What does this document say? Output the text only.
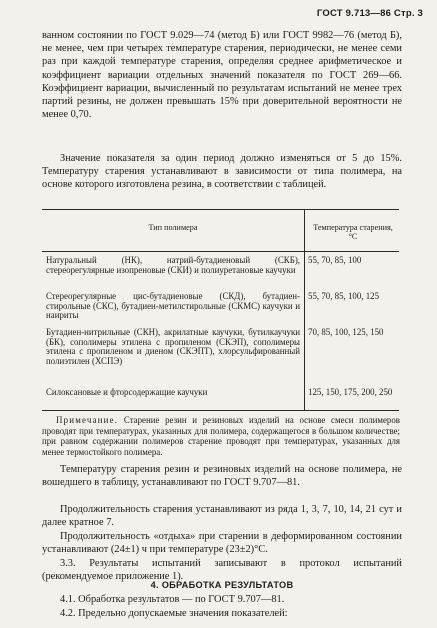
ГОСТ 9.713—86 Стр. 3
ванном состоянии по ГОСТ 9.029—74 (метод Б) или ГОСТ 9982—76 (метод Б), не менее, чем при четырех температуре старения, периодически, не менее семи раз при каждой температуре старения, определяя среднее арифметическое и коэффициент вариации отдельных значений показателя по ГОСТ 269—66. Коэффициент вариации, вычисленный по результатам испытаний не менее трех партий резины, не должен превышать 15% при доверительной вероятности не менее 0,70.
Значение показателя за один период должно изменяться от 5 до 15%. Температуру старения устанавливают в зависимости от типа полимера, на основе которого изготовлена резина, в соответствии с таблицей.
Тип полимера	Температура старения, °С
Натуральный (НК), натрий-бутадиеновый (СКБ), стереорегулярные изопреновые (СКИ) и полиуретановые каучуки
55, 70, 85, 100
Стереорегулярные цис-бутадиеновые (СКД), бутадиен-стирольные (СКС), бутадиен-метилстирольные (СКМС) каучуки и наириты
55, 70, 85, 100, 125
Бутадиен-нитрильные (СКН), акрилатные каучуки, бутилкаучуки (БК), сополимеры этилена с пропиленом (СКЭП), сополимеры этилена с пропиленом и диеном (СКЭПТ), хлорсульфированный полиэтилен (ХСПЭ)
70, 85, 100, 125, 150
Силоксановые и фторсодержащие каучуки	125, 150, 175, 200, 250
Примечание. Старение резин и резиновых изделий на основе смеси полимеров проводят при температурах, указанных для полимера, содержащегося в большом количестве; при равном содержании полимеров старение проводят при температурах, указанных для менее термостойкого полимера.
Температуру старения резин и резиновых изделий на основе полимера, не вошедшего в таблицу, устанавливают по ГОСТ 9.707—81.
Продолжительность старения устанавливают из ряда 1, 3, 7, 10, 14, 21 сут и далее кратное 7.
Продолжительность «отдыха» при старении в деформированном состоянии устанавливают (24±1) ч при температуре (23±2)°С.
3.3. Результаты испытаний записывают в протокол испытаний (рекомендуемое приложение 1).
4. ОБРАБОТКА РЕЗУЛЬТАТОВ
4.1. Обработка результатов — по ГОСТ 9.707—81.
4.2. Предельно допускаемые значения показателей:
